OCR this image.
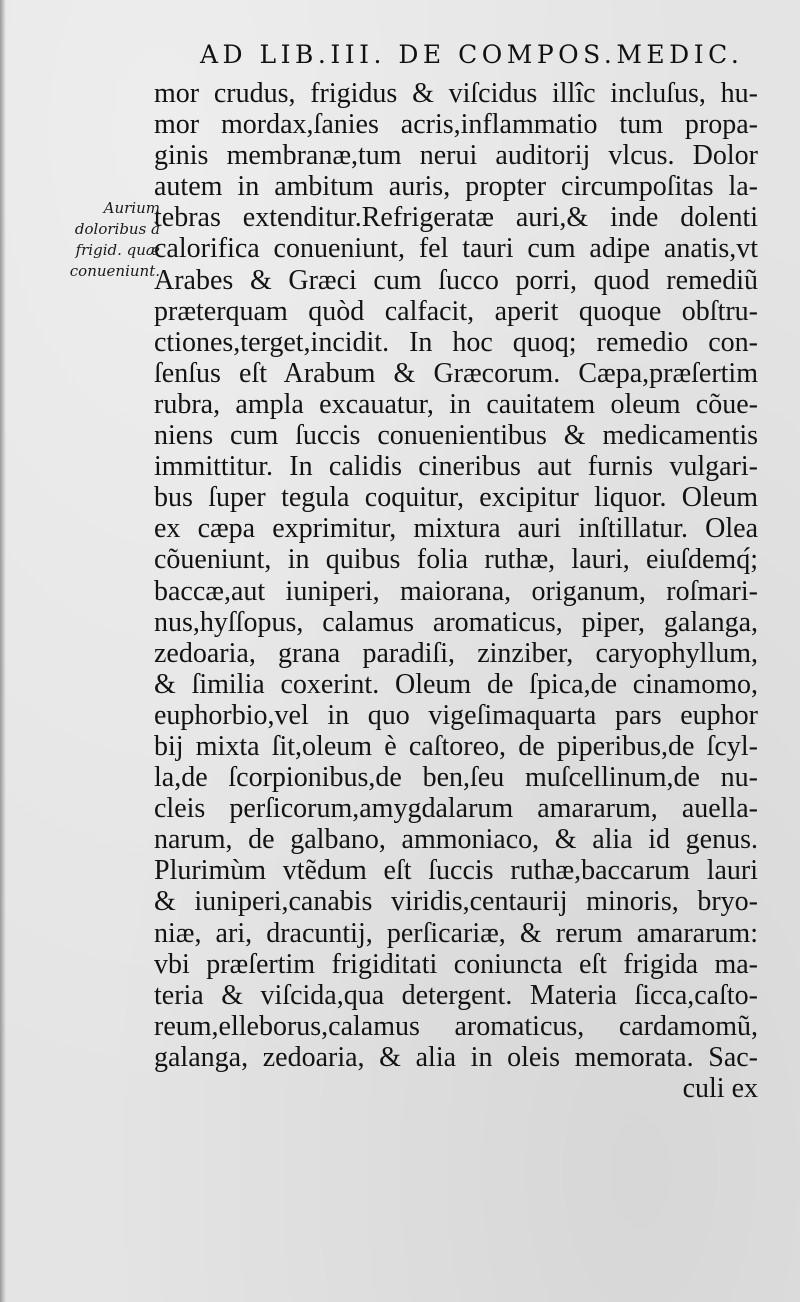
AD LIB.III. DE COMPOS.MEDIC.
Aurium
doloribus à
frigid. quæ
conueniunt.
mor crudus, frigidus & viſcidus illîc incluſus, hu-
mor mordax,ſanies acris,inflammatio tum propa-
ginis membranæ,tum nerui auditorij vlcus. Dolor
autem in ambitum auris, propter circumpoſitas la-
tebras extenditur.Refrigeratæ auri,& inde dolenti
calorifica conueniunt, fel tauri cum adipe anatis,vt
Arabes & Græci cum ſucco porri, quod remediũ
præterquam quòd calfacit, aperit quoque obſtru-
ctiones,terget,incidit. In hoc quoq; remedio con-
ſenſus eſt Arabum & Græcorum. Cæpa,præſertim
rubra, ampla excauatur, in cauitatem oleum cõue-
niens cum ſuccis conuenientibus & medicamentis
immittitur. In calidis cineribus aut furnis vulgari-
bus ſuper tegula coquitur, excipitur liquor. Oleum
ex cæpa exprimitur, mixtura auri inſtillatur. Olea
cõueniunt, in quibus folia ruthæ, lauri, eiuſdemq́;
baccæ,aut iuniperi, maiorana, origanum, roſmari-
nus,hyſſopus, calamus aromaticus, piper, galanga,
zedoaria, grana paradiſi, zinziber, caryophyllum,
& ſimilia coxerint. Oleum de ſpica,de cinamomo,
euphorbio,vel in quo vigeſimaquarta pars euphor
bij mixta ſit,oleum è caſtoreo, de piperibus,de ſcyl-
la,de ſcorpionibus,de ben,ſeu muſcellinum,de nu-
cleis perſicorum,amygdalarum amararum, auella-
narum, de galbano, ammoniaco, & alia id genus.
Plurimùm vtẽdum eſt ſuccis ruthæ,baccarum lauri
& iuniperi,canabis viridis,centaurij minoris, bryo-
niæ, ari, dracuntij, perſicariæ, & rerum amararum:
vbi præſertim frigiditati coniuncta eſt frigida ma-
teria & viſcida,qua detergent. Materia ſicca,caſto-
reum,elleborus,calamus aromaticus, cardamomũ,
galanga, zedoaria, & alia in oleis memorata. Sac-
culi ex
